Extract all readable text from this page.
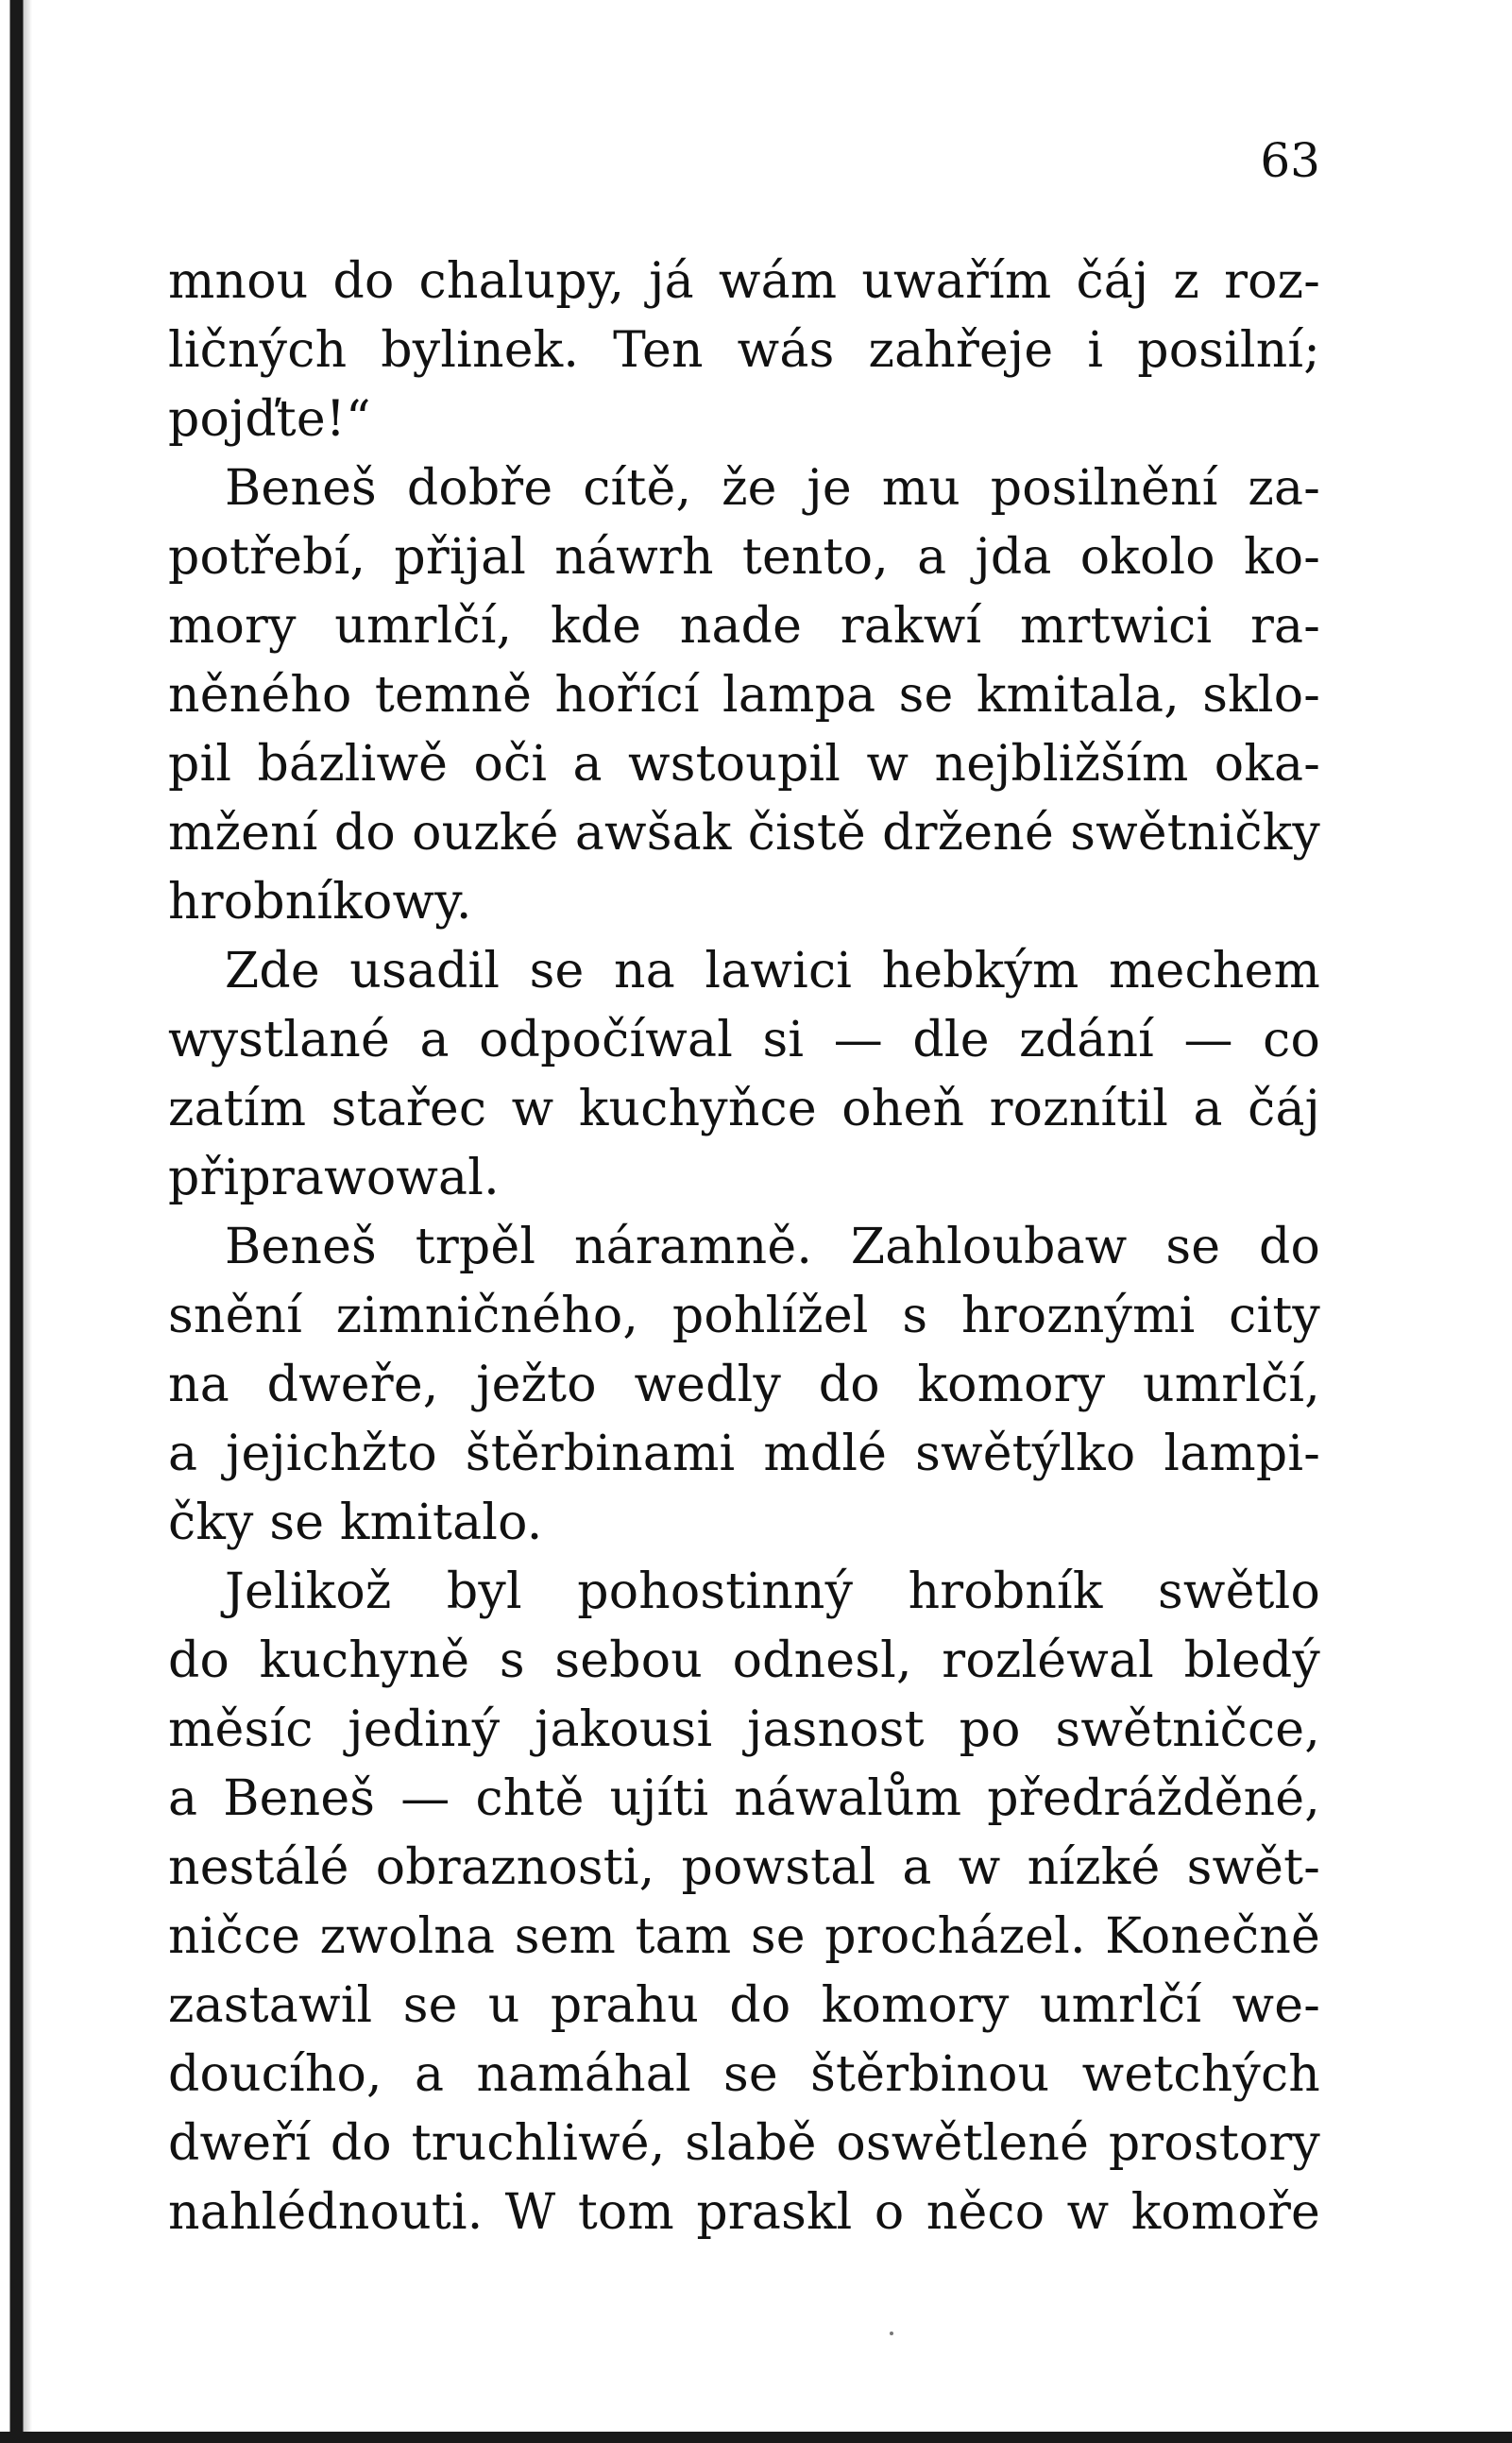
63
mnou do chalupy, já wám uwařím čáj z roz-
ličných bylinek. Ten wás zahřeje i posilní;
pojďte!“
Beneš dobře cítě, že je mu posilnění za-
potřebí, přijal náwrh tento, a jda okolo ko-
mory umrlčí, kde nade rakwí mrtwici ra-
něného temně hořící lampa se kmitala, sklo-
pil bázliwě oči a wstoupil w nejbližším oka-
mžení do ouzké awšak čistě držené swětničky
hrobníkowy.
Zde usadil se na lawici hebkým mechem
wystlané a odpočíwal si — dle zdání — co
zatím stařec w kuchyňce oheň roznítil a čáj
připrawowal.
Beneš trpěl náramně. Zahloubaw se do
snění zimničného, pohlížel s hroznými city
na dweře, ježto wedly do komory umrlčí,
a jejichžto štěrbinami mdlé swětýlko lampi-
čky se kmitalo.
Jelikož byl pohostinný hrobník swětlo
do kuchyně s sebou odnesl, rozléwal bledý
měsíc jediný jakousi jasnost po swětničce,
a Beneš — chtě ujíti náwalům předrážděné,
nestálé obraznosti, powstal a w nízké swět-
ničce zwolna sem tam se procházel. Konečně
zastawil se u prahu do komory umrlčí we-
doucího, a namáhal se štěrbinou wetchých
dweří do truchliwé, slabě oswětlené prostory
nahlédnouti. W tom praskl o něco w komoře
